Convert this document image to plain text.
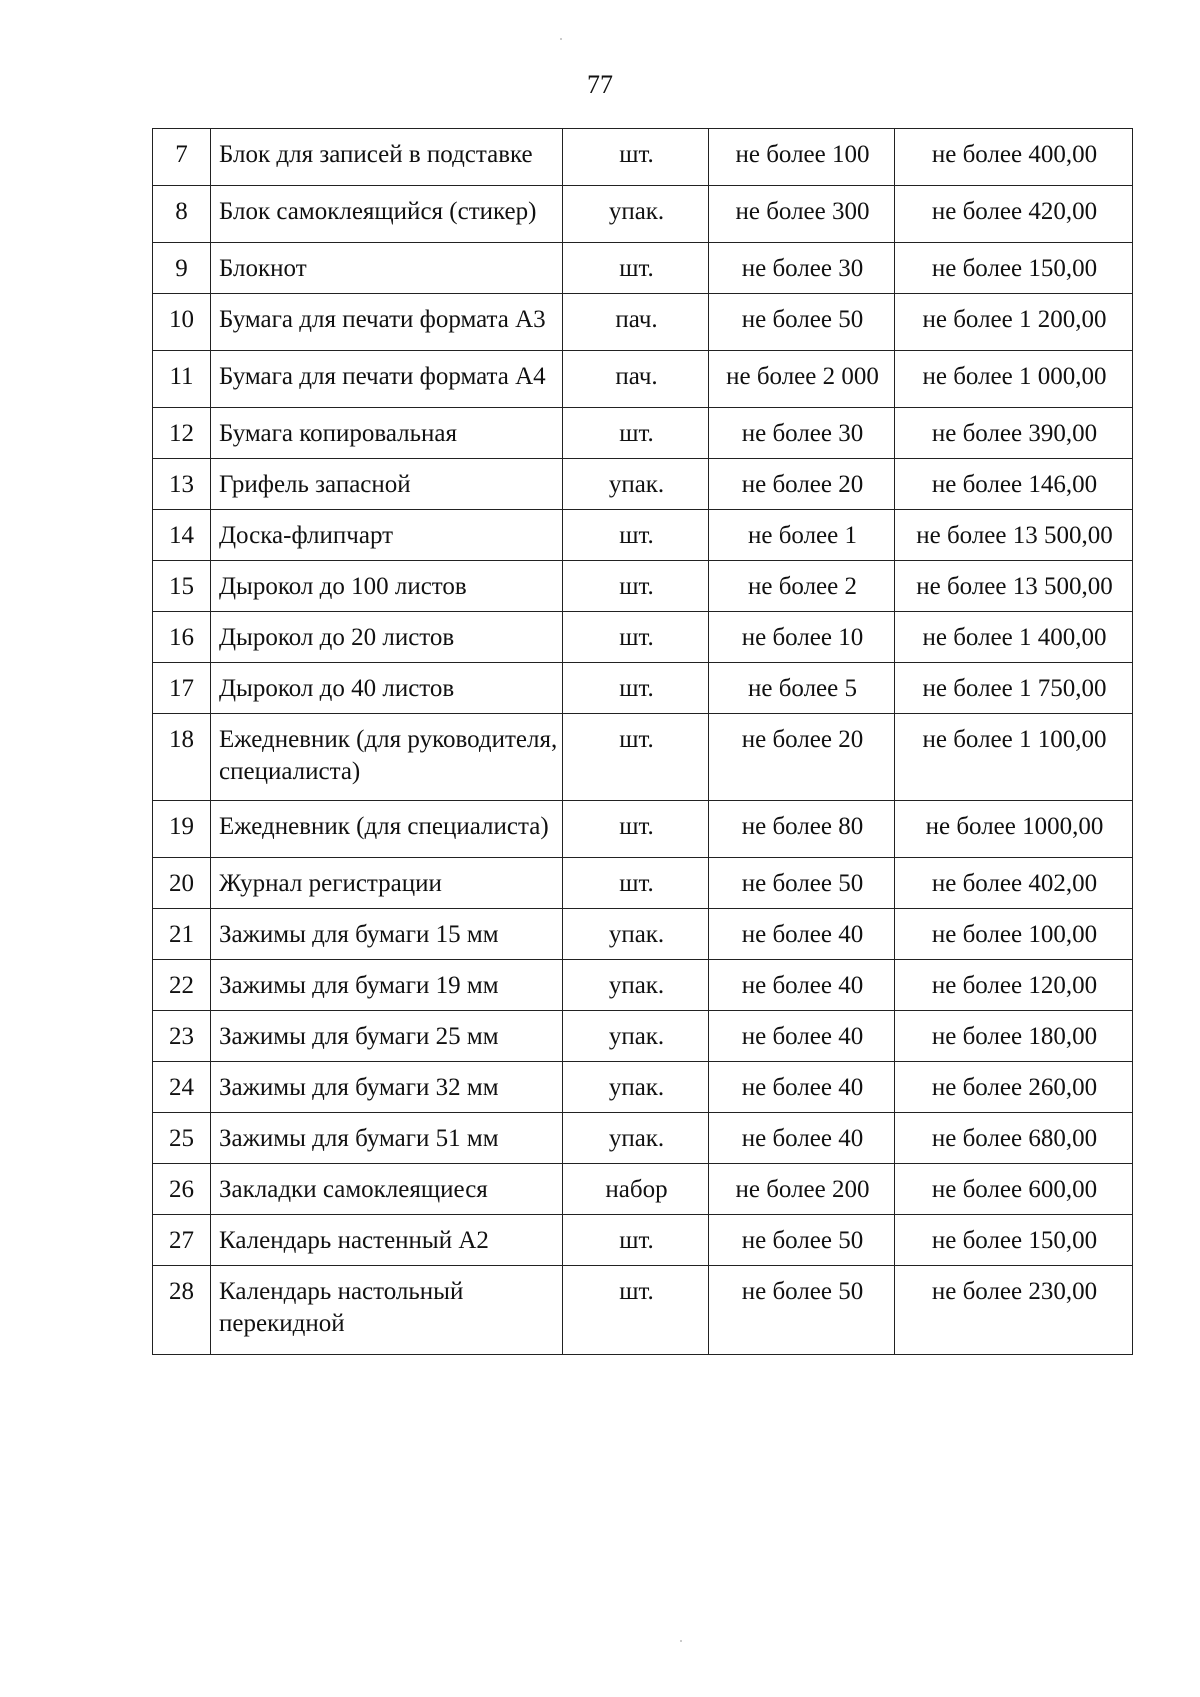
77
7	Блок для записей в подставке	шт.	не более 100	не более 400,00
8	Блок самоклеящийся (стикер)	упак.	не более 300	не более 420,00
9	Блокнот	шт.	не более 30	не более 150,00
10	Бумага для печати формата А3	пач.	не более 50	не более 1 200,00
11	Бумага для печати формата А4	пач.	не более 2 000	не более 1 000,00
12	Бумага копировальная	шт.	не более 30	не более 390,00
13	Грифель запасной	упак.	не более 20	не более 146,00
14	Доска-флипчарт	шт.	не более 1	не более 13 500,00
15	Дырокол до 100 листов	шт.	не более 2	не более 13 500,00
16	Дырокол до 20 листов	шт.	не более 10	не более 1 400,00
17	Дырокол до 40 листов	шт.	не более 5	не более 1 750,00
18	Ежедневник (для руководителя, специалиста)	шт.	не более 20	не более 1 100,00
19	Ежедневник (для специалиста)	шт.	не более 80	не более 1000,00
20	Журнал регистрации	шт.	не более 50	не более 402,00
21	Зажимы для бумаги 15 мм	упак.	не более 40	не более 100,00
22	Зажимы для бумаги 19 мм	упак.	не более 40	не более 120,00
23	Зажимы для бумаги 25 мм	упак.	не более 40	не более 180,00
24	Зажимы для бумаги 32 мм	упак.	не более 40	не более 260,00
25	Зажимы для бумаги 51 мм	упак.	не более 40	не более 680,00
26	Закладки самоклеящиеся	набор	не более 200	не более 600,00
27	Календарь настенный А2	шт.	не более 50	не более 150,00
28	Календарь настольный перекидной	шт.	не более 50	не более 230,00
